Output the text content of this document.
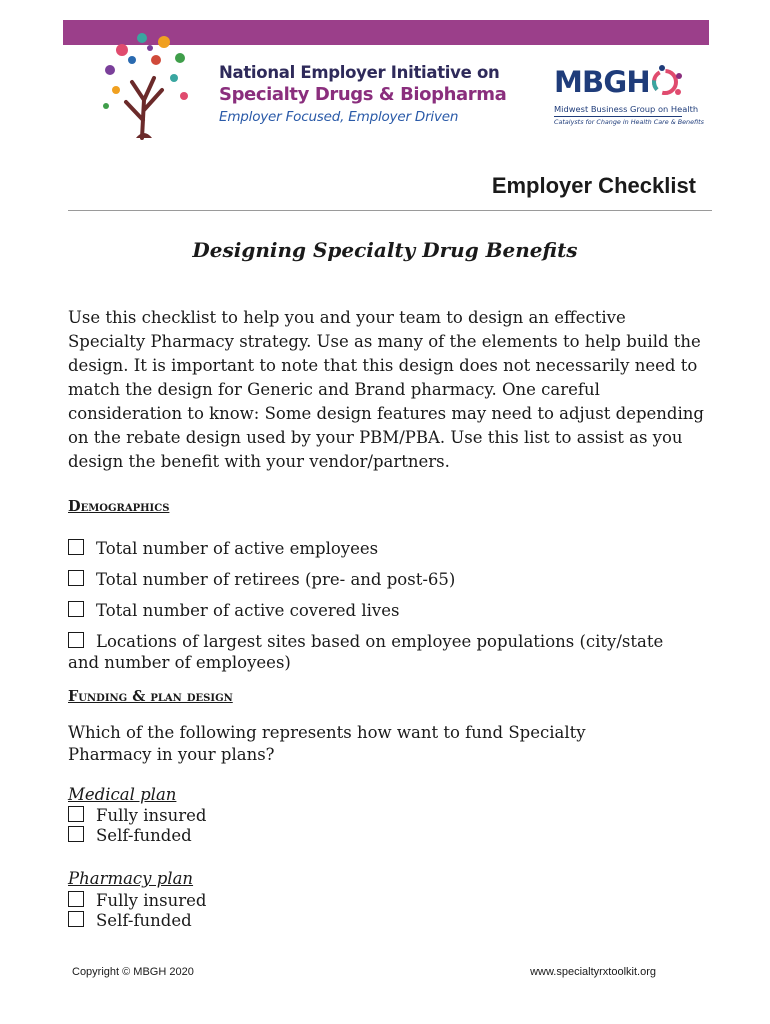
National Employer Initiative on
Specialty Drugs & Biopharma
Employer Focused, Employer Driven
MBGH
Midwest Business Group on Health
Catalysts for Change in Health Care & Benefits
Employer Checklist
Designing Specialty Drug Benefits
Use this checklist to help you and your team to design an effective Specialty Pharmacy strategy. Use as many of the elements to help build the design. It is important to note that this design does not necessarily need to match the design for Generic and Brand pharmacy. One careful consideration to know: Some design features may need to adjust depending on the rebate design used by your PBM/PBA. Use this list to assist as you design the benefit with your vendor/partners.
Demographics
Total number of active employees
Total number of retirees (pre- and post-65)
Total number of active covered lives
Locations of largest sites based on employee populations (city/state and number of employees)
Funding & plan design
Which of the following represents how want to fund Specialty Pharmacy in your plans?
Medical plan
Fully insured
Self-funded
Pharmacy plan
Fully insured
Self-funded
Copyright © MBGH 2020	www.specialtyrxtoolkit.org
